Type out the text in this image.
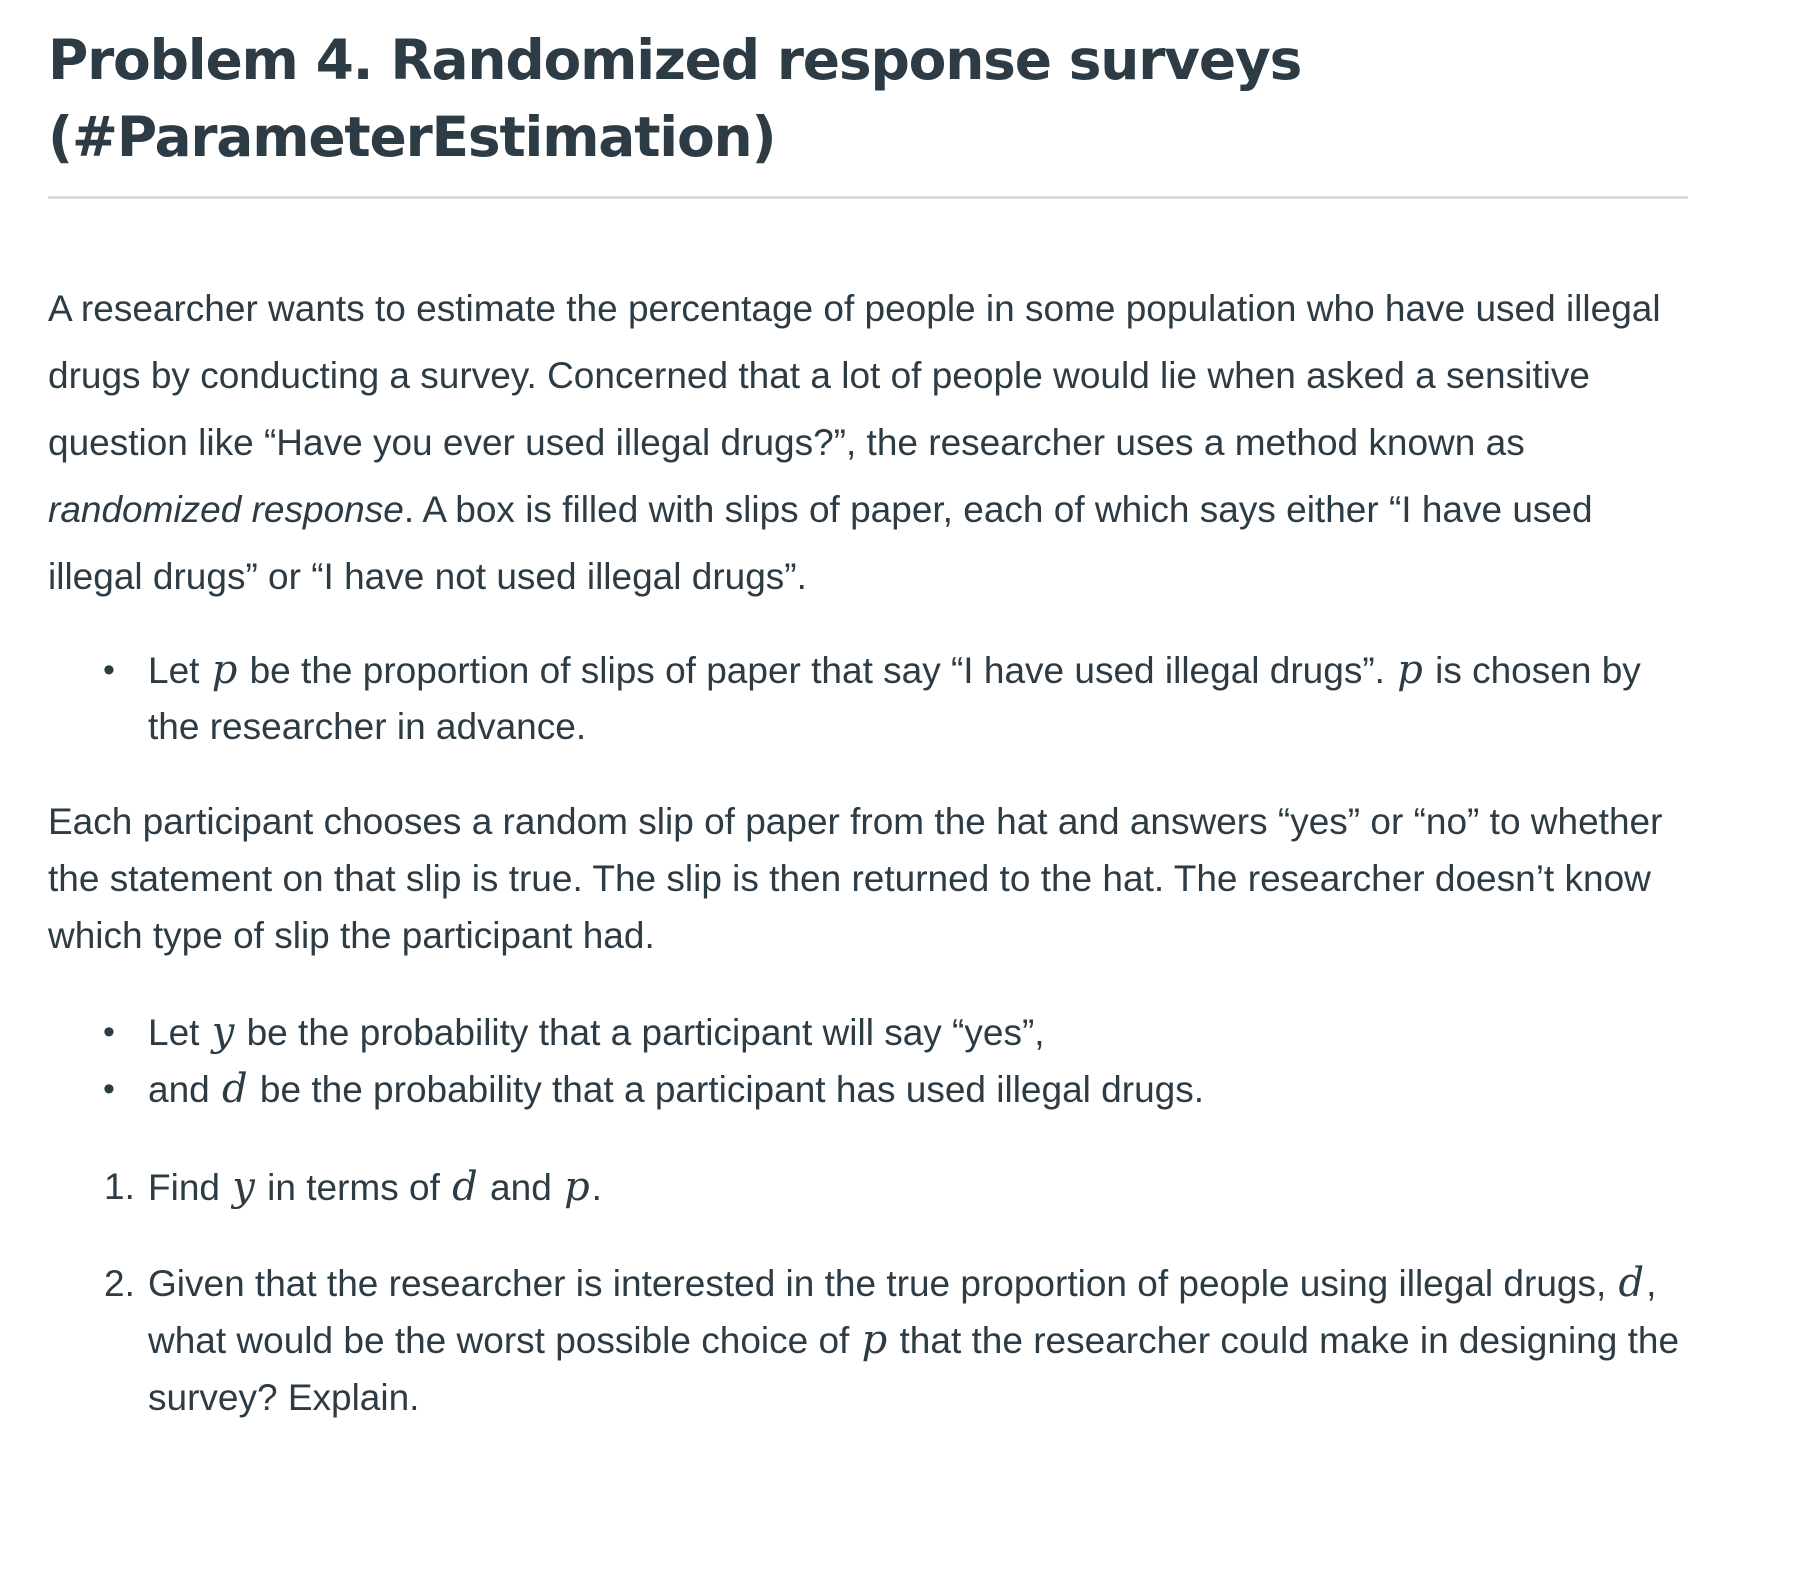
Problem 4. Randomized response surveys
(#ParameterEstimation)

A researcher wants to estimate the percentage of people in some population who have used illegal drugs by conducting a survey. Concerned that a lot of people would lie when asked a sensitive question like “Have you ever used illegal drugs?”, the researcher uses a method known as randomized response. A box is filled with slips of paper, each of which says either “I have used illegal drugs” or “I have not used illegal drugs”.

• Let p be the proportion of slips of paper that say “I have used illegal drugs”. p is chosen by the researcher in advance.

Each participant chooses a random slip of paper from the hat and answers “yes” or “no” to whether the statement on that slip is true. The slip is then returned to the hat. The researcher doesn’t know which type of slip the participant had.

• Let y be the probability that a participant will say “yes”,
• and d be the probability that a participant has used illegal drugs.
1. Find y in terms of d and p.
2. Given that the researcher is interested in the true proportion of people using illegal drugs, d, what would be the worst possible choice of p that the researcher could make in designing the survey? Explain.
